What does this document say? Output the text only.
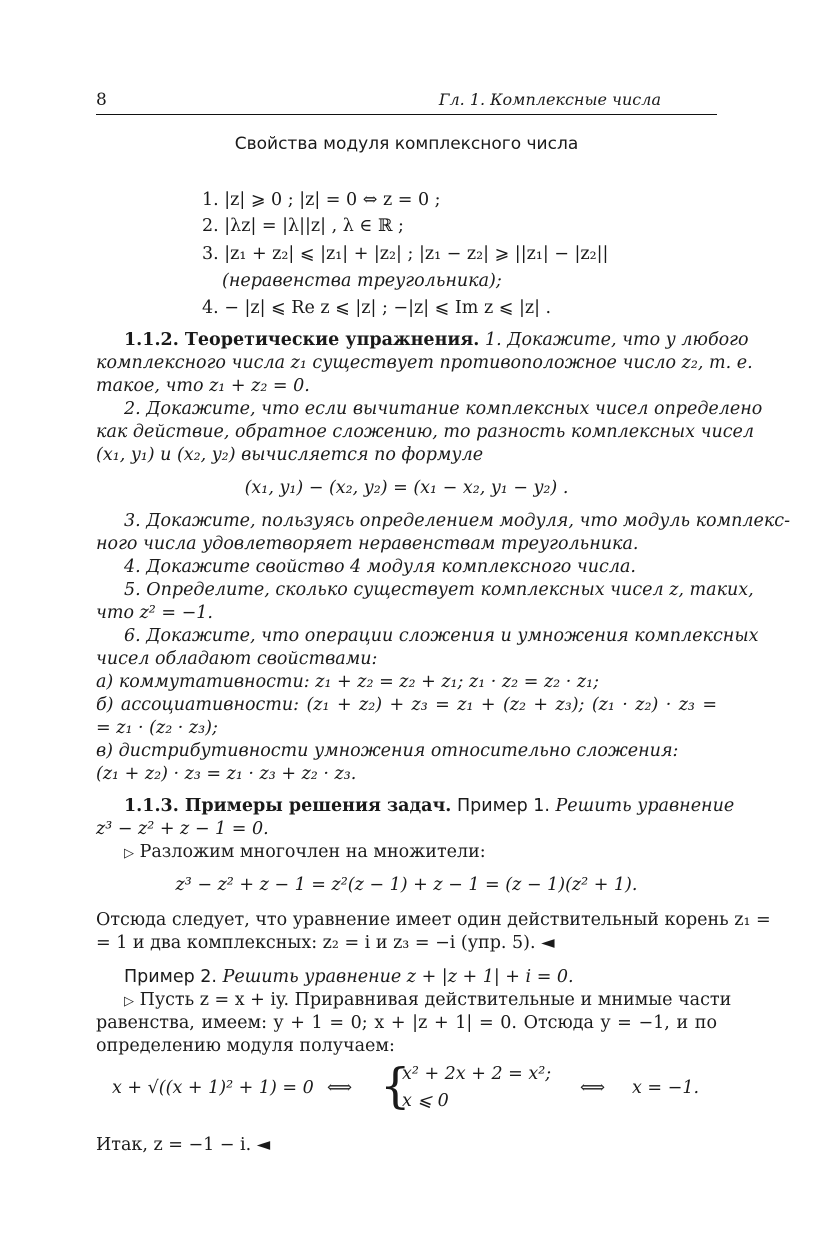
8	Гл. 1. Комплексные числа
Свойства модуля комплексного числа
1. |z| ⩾ 0 ; |z| = 0 ⇔ z = 0 ;
2. |λz| = |λ||z| , λ ∈ ℝ ;
3. |z₁ + z₂| ⩽ |z₁| + |z₂| ; |z₁ − z₂| ⩾ ||z₁| − |z₂||
(неравенства треугольника);
4. − |z| ⩽ Re z ⩽ |z| ; −|z| ⩽ Im z ⩽ |z| .
1.1.2. Теоретические упражнения. 1. Докажите, что у любого
комплексного числа z₁ существует противоположное число z₂, т. е.
такое, что z₁ + z₂ = 0.
2. Докажите, что если вычитание комплексных чисел определено
как действие, обратное сложению, то разность комплексных чисел
(x₁, y₁) и (x₂, y₂) вычисляется по формуле
(x₁, y₁) − (x₂, y₂) = (x₁ − x₂, y₁ − y₂) .
3. Докажите, пользуясь определением модуля, что модуль комплекс-
ного числа удовлетворяет неравенствам треугольника.
4. Докажите свойство 4 модуля комплексного числа.
5. Определите, сколько существует комплексных чисел z, таких,
что z² = −1.
6. Докажите, что операции сложения и умножения комплексных
чисел обладают свойствами:
а) коммутативности: z₁ + z₂ = z₂ + z₁; z₁ · z₂ = z₂ · z₁;
б) ассоциативности: (z₁ + z₂) + z₃ = z₁ + (z₂ + z₃); (z₁ · z₂) · z₃ =
= z₁ · (z₂ · z₃);
в) дистрибутивности умножения относительно сложения:
(z₁ + z₂) · z₃ = z₁ · z₃ + z₂ · z₃.
1.1.3. Примеры решения задач. Пример 1. Решить уравнение
z³ − z² + z − 1 = 0.
▷ Разложим многочлен на множители:
z³ − z² + z − 1 = z²(z − 1) + z − 1 = (z − 1)(z² + 1).
Отсюда следует, что уравнение имеет один действительный корень z₁ =
= 1 и два комплексных: z₂ = i и z₃ = −i (упр. 5). ◄
Пример 2. Решить уравнение z + |z + 1| + i = 0.
▷ Пусть z = x + iy. Приравнивая действительные и мнимые части
равенства, имеем: y + 1 = 0; x + |z + 1| = 0. Отсюда y = −1, и по
определению модуля получаем:
x + √((x + 1)² + 1) = 0 ⟺ {
x² + 2x + 2 = x²;
x ⩽ 0
⟺ x = −1.
Итак, z = −1 − i. ◄
